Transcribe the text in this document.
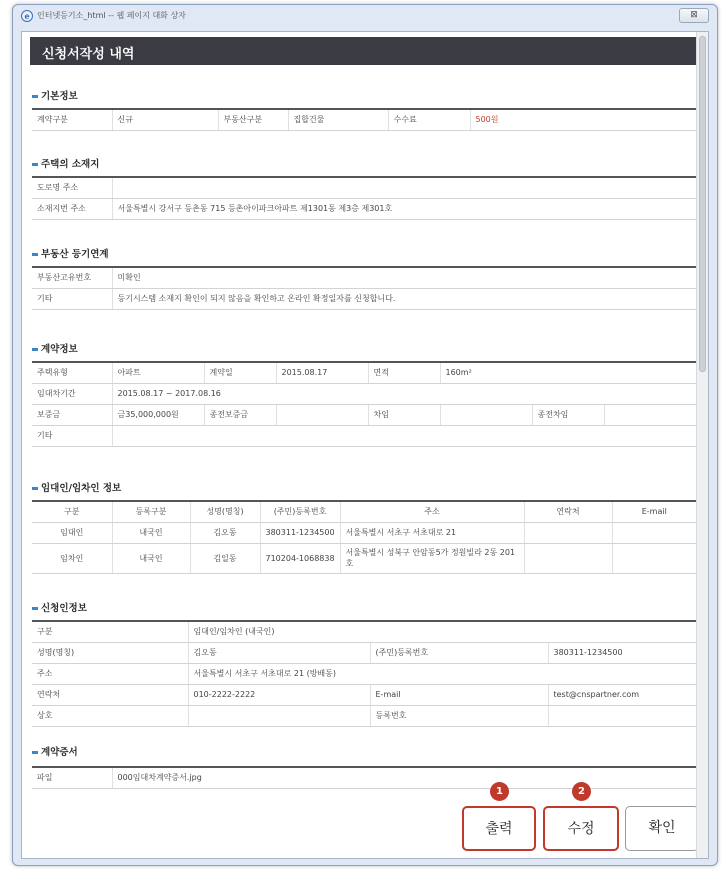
e 인터넷등기소_html -- 웹 페이지 대화 상자	⊠
신청서작성 내역
기본정보
계약구분	신규	부동산구분	집합건물	수수료	500원
주택의 소재지
도로명 주소	
소재지번 주소	서울특별시 강서구 등촌동 715 등촌아이파크아파트 제1301동 제3층 제301호
부동산 등기연계
부동산고유번호	미확인
기타	등기시스템 소재지 확인이 되지 않음을 확인하고 온라인 확정일자를 신청합니다.
계약정보
주택유형	아파트	계약일	2015.08.17	면적	160m²		
임대차기간	2015.08.17 ~ 2017.08.16						
보증금	금35,000,000원	종전보증금		차임		종전차임	
기타							
임대인/임차인 정보
구분	등록구분	성명(명칭)	(주민)등록번호	주소	연락처	E-mail
임대인	내국인	김오동	380311-1234500	서울특별시 서초구 서초대로 21		
임차인	내국인	김일동	710204-1068838	서울특별시 성북구 안암동5가 정원빌라 2동 201호		
신청인정보
구분	임대인/임차인 (내국인)		
성명(명칭)	김오동	(주민)등록번호	380311-1234500
주소	서울특별시 서초구 서초대로 21 (방배동)		
연락처	010-2222-2222	E-mail	test@cnspartner.com
상호		등록번호	
계약증서
파일	000임대차계약증서.jpg
1	2
출력	수정	확인
